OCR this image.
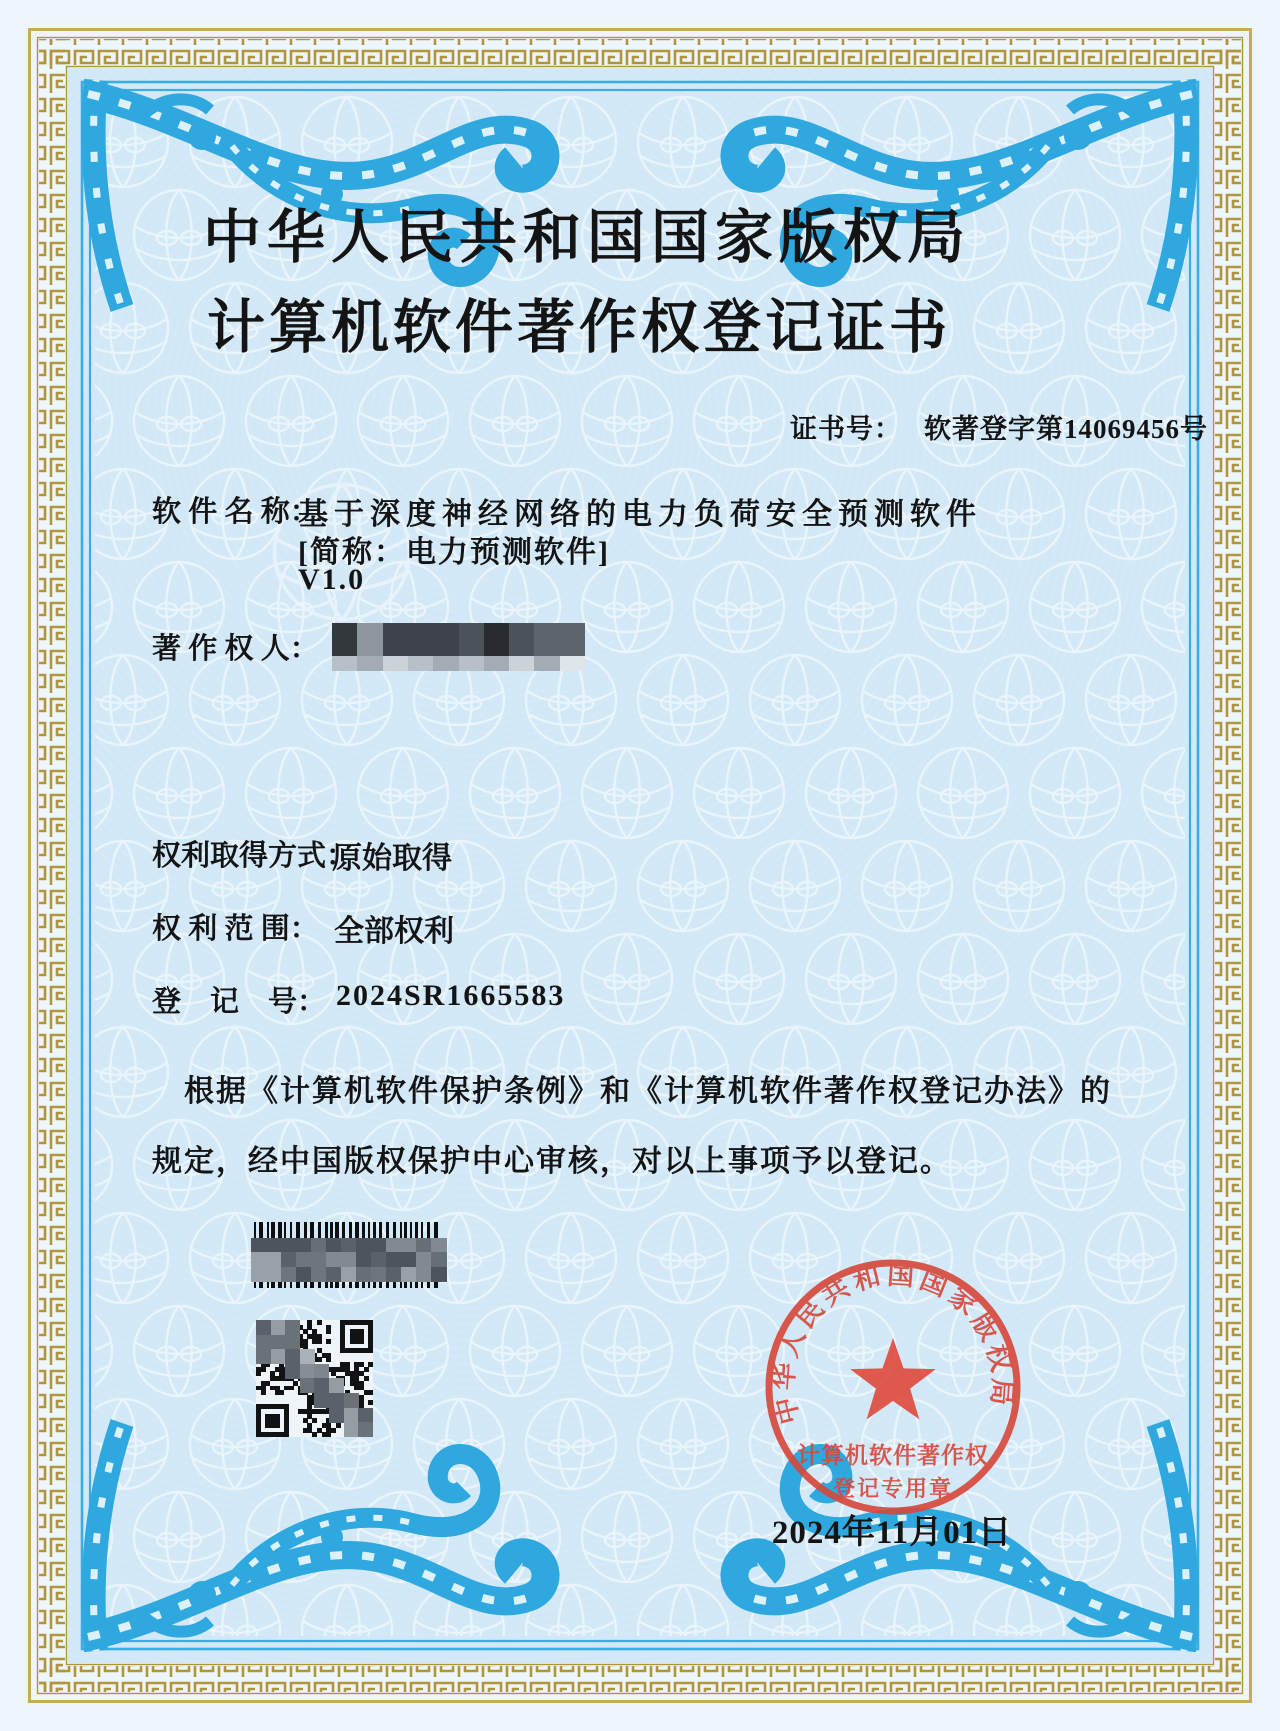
中华人民共和国国家版权局
计算机软件著作权登记证书
证书号： 软著登字第14069456号
软 件 名 称：
基于深度神经网络的电力负荷安全预测软件
[简称：电力预测软件]
V1.0
著 作 权 人：
权利取得方式：
原始取得
权 利 范 围： 全部权利
登　记　号： 2024SR1665583
根据《计算机软件保护条例》和《计算机软件著作权登记办法》的
规定，经中国版权保护中心审核，对以上事项予以登记。
中华人民共和国国家版权局
计算机软件著作权
登记专用章
2024年11月01日
